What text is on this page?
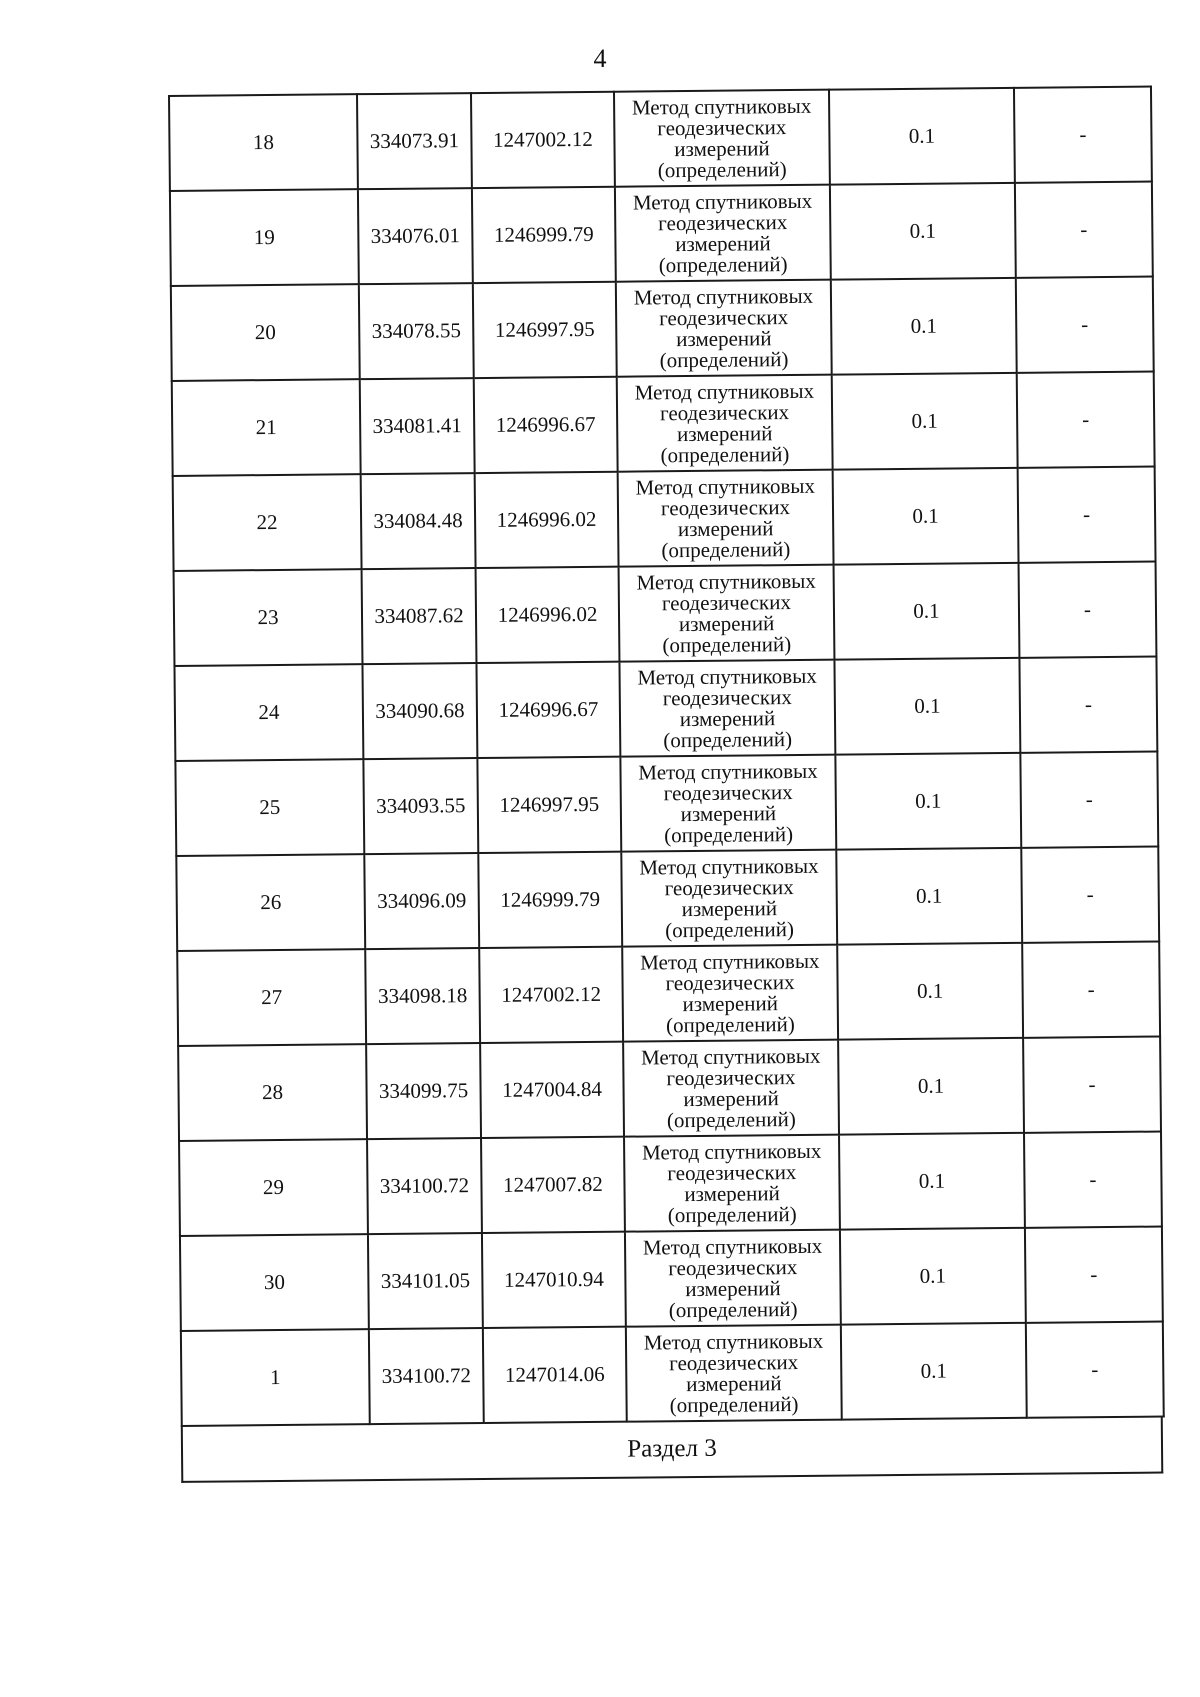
4
18	334073.91	1247002.12	Метод спутниковых
геодезических
измерений
(определений)	0.1	-
19	334076.01	1246999.79	Метод спутниковых
геодезических
измерений
(определений)	0.1	-
20	334078.55	1246997.95	Метод спутниковых
геодезических
измерений
(определений)	0.1	-
21	334081.41	1246996.67	Метод спутниковых
геодезических
измерений
(определений)	0.1	-
22	334084.48	1246996.02	Метод спутниковых
геодезических
измерений
(определений)	0.1	-
23	334087.62	1246996.02	Метод спутниковых
геодезических
измерений
(определений)	0.1	-
24	334090.68	1246996.67	Метод спутниковых
геодезических
измерений
(определений)	0.1	-
25	334093.55	1246997.95	Метод спутниковых
геодезических
измерений
(определений)	0.1	-
26	334096.09	1246999.79	Метод спутниковых
геодезических
измерений
(определений)	0.1	-
27	334098.18	1247002.12	Метод спутниковых
геодезических
измерений
(определений)	0.1	-
28	334099.75	1247004.84	Метод спутниковых
геодезических
измерений
(определений)	0.1	-
29	334100.72	1247007.82	Метод спутниковых
геодезических
измерений
(определений)	0.1	-
30	334101.05	1247010.94	Метод спутниковых
геодезических
измерений
(определений)	0.1	-
1	334100.72	1247014.06	Метод спутниковых
геодезических
измерений
(определений)	0.1	-
Раздел 3
